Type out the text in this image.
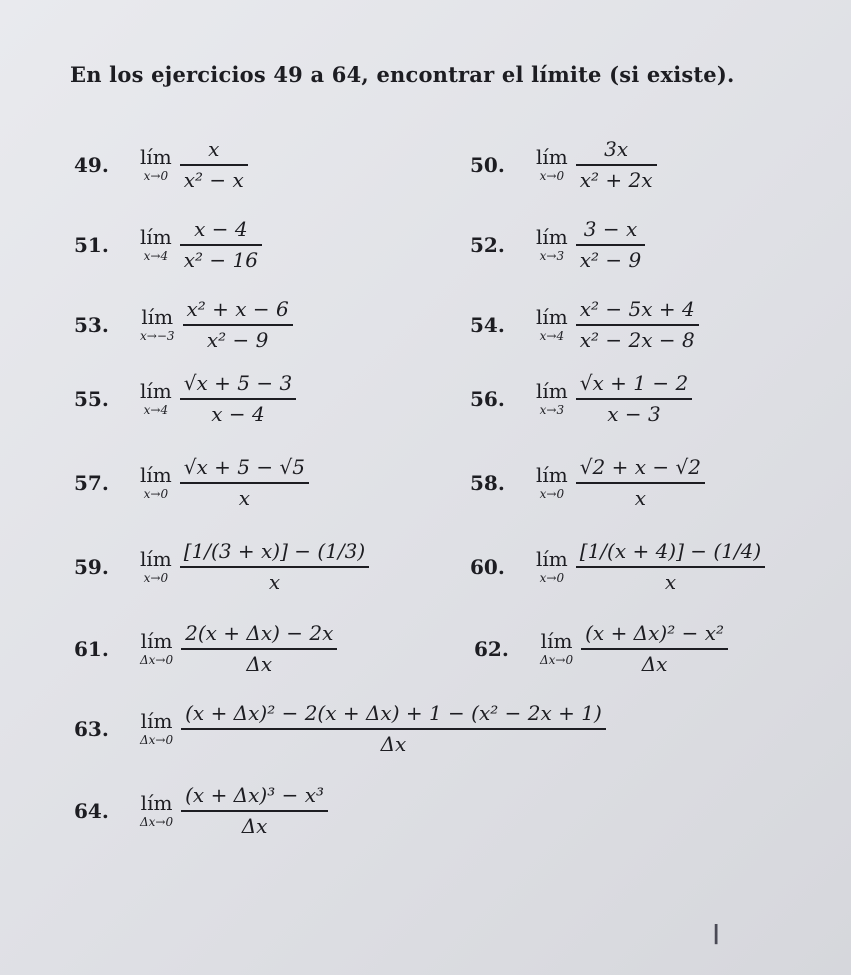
En los ejercicios 49 a 64, encontrar el límite (si existe).
49.	lím
$x\to 0 \frac{x}{\text{x² − x}}$	50.	lím
$x\to 0 \frac{3x}{\text{x² + 2x}}$
51.	lím
$x\to 4 \frac{x - 4}{\text{x² − 16}}$	52.	lím
$x\to 3 \frac{3 - x}{\text{x² − 9}}$
53.	lím
$x\to-3 \frac{\text{x² + x − 6}}{\text{x² − 9}}$	54.	lím
$x\to 4 \frac{\text{x² − 5x + 4}}{\text{x² − 2x − 8}}$
55.	lím
$x\to 4 \frac{√x + 5 - 3}{x - 4}$	56.	lím
$x\to 3 \frac{√x + 1 - 2}{x - 3}$
57.	lím
$x\to 0 \frac{√x + 5 - √5}{x}$	58.	lím
$x\to 0 \frac{√2 + x - √2}{x}$
59.	lím
$x\to 0 \frac{[1/(3 + x)] - (1/3)}{x}$	60.	lím
$x\to 0 \frac{[1/(x + 4)] - (1/4)}{x}$
61.	lím
$\Delta x\to 0 \frac{2(x + \Delta x) - 2x}{\Delta x}$	62.	lím
$\Delta x\to 0 \frac{\text{(x + Δx)² − x²}}{\Delta x}$
63.	lím
$\Delta x\to 0 \frac{\text{(x + Δx)² − 2(x + Δx) + 1 − (x² − 2x + 1)}}{\Delta x}$
64.	lím
$\Delta x\to 0 \frac{\text{(x + Δx)³ − x³}}{\Delta x}$
I
